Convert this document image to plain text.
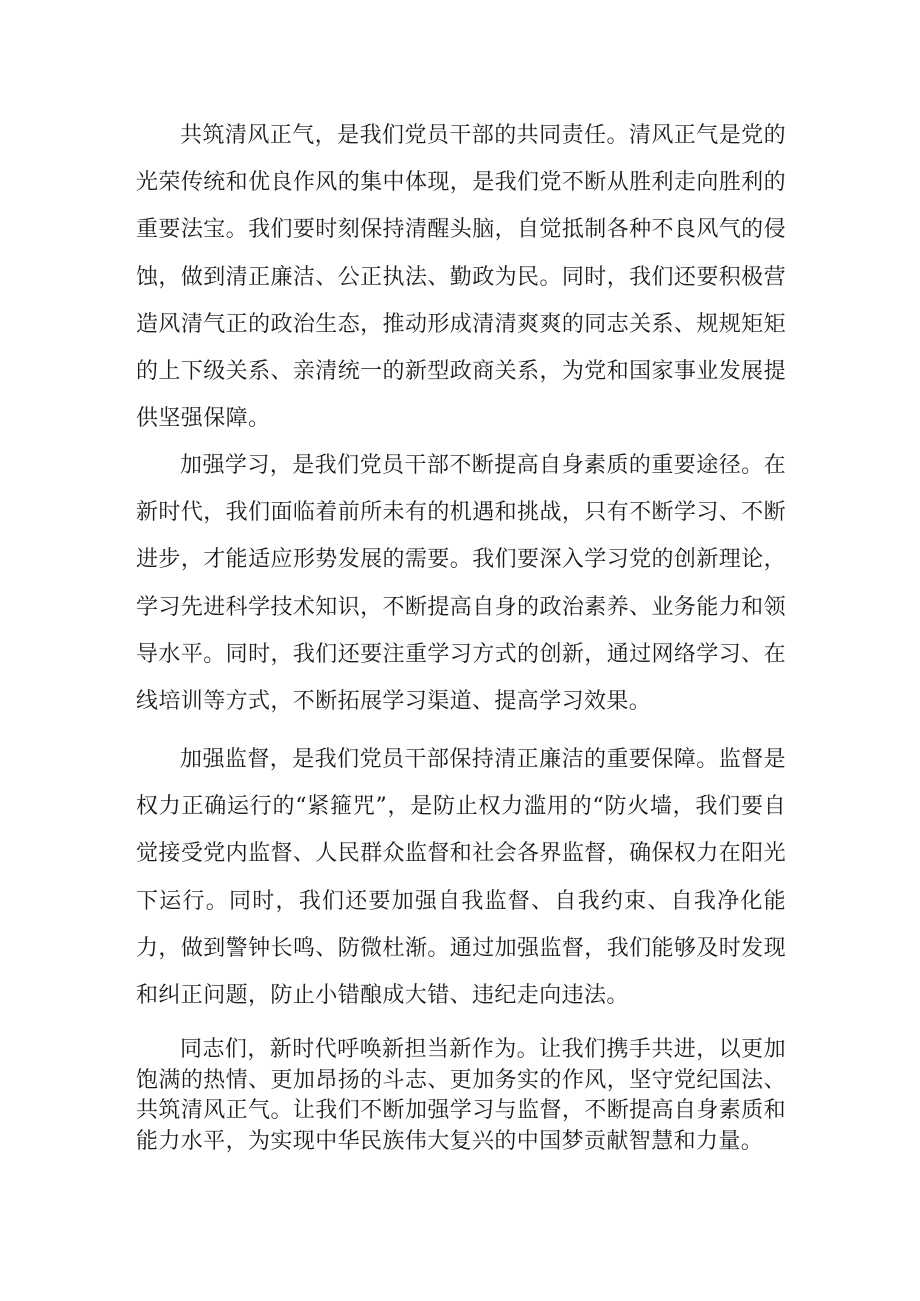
共筑清风正气，是我们党员干部的共同责任。清风正气是党的光荣传统和优良作风的集中体现，是我们党不断从胜利走向胜利的重要法宝。我们要时刻保持清醒头脑，自觉抵制各种不良风气的侵蚀，做到清正廉洁、公正执法、勤政为民。同时，我们还要积极营造风清气正的政治生态，推动形成清清爽爽的同志关系、规规矩矩的上下级关系、亲清统一的新型政商关系，为党和国家事业发展提供坚强保障。

加强学习，是我们党员干部不断提高自身素质的重要途径。在新时代，我们面临着前所未有的机遇和挑战，只有不断学习、不断进步，才能适应形势发展的需要。我们要深入学习党的创新理论，学习先进科学技术知识，不断提高自身的政治素养、业务能力和领导水平。同时，我们还要注重学习方式的创新，通过网络学习、在线培训等方式，不断拓展学习渠道、提高学习效果。

加强监督，是我们党员干部保持清正廉洁的重要保障。监督是权力正确运行的“紧箍咒”，是防止权力滥用的“防火墙，我们要自觉接受党内监督、人民群众监督和社会各界监督，确保权力在阳光下运行。同时，我们还要加强自我监督、自我约束、自我净化能力，做到警钟长鸣、防微杜渐。通过加强监督，我们能够及时发现和纠正问题，防止小错酿成大错、违纪走向违法。

同志们，新时代呼唤新担当新作为。让我们携手共进，以更加饱满的热情、更加昂扬的斗志、更加务实的作风，坚守党纪国法、共筑清风正气。让我们不断加强学习与监督，不断提高自身素质和能力水平，为实现中华民族伟大复兴的中国梦贡献智慧和力量。
